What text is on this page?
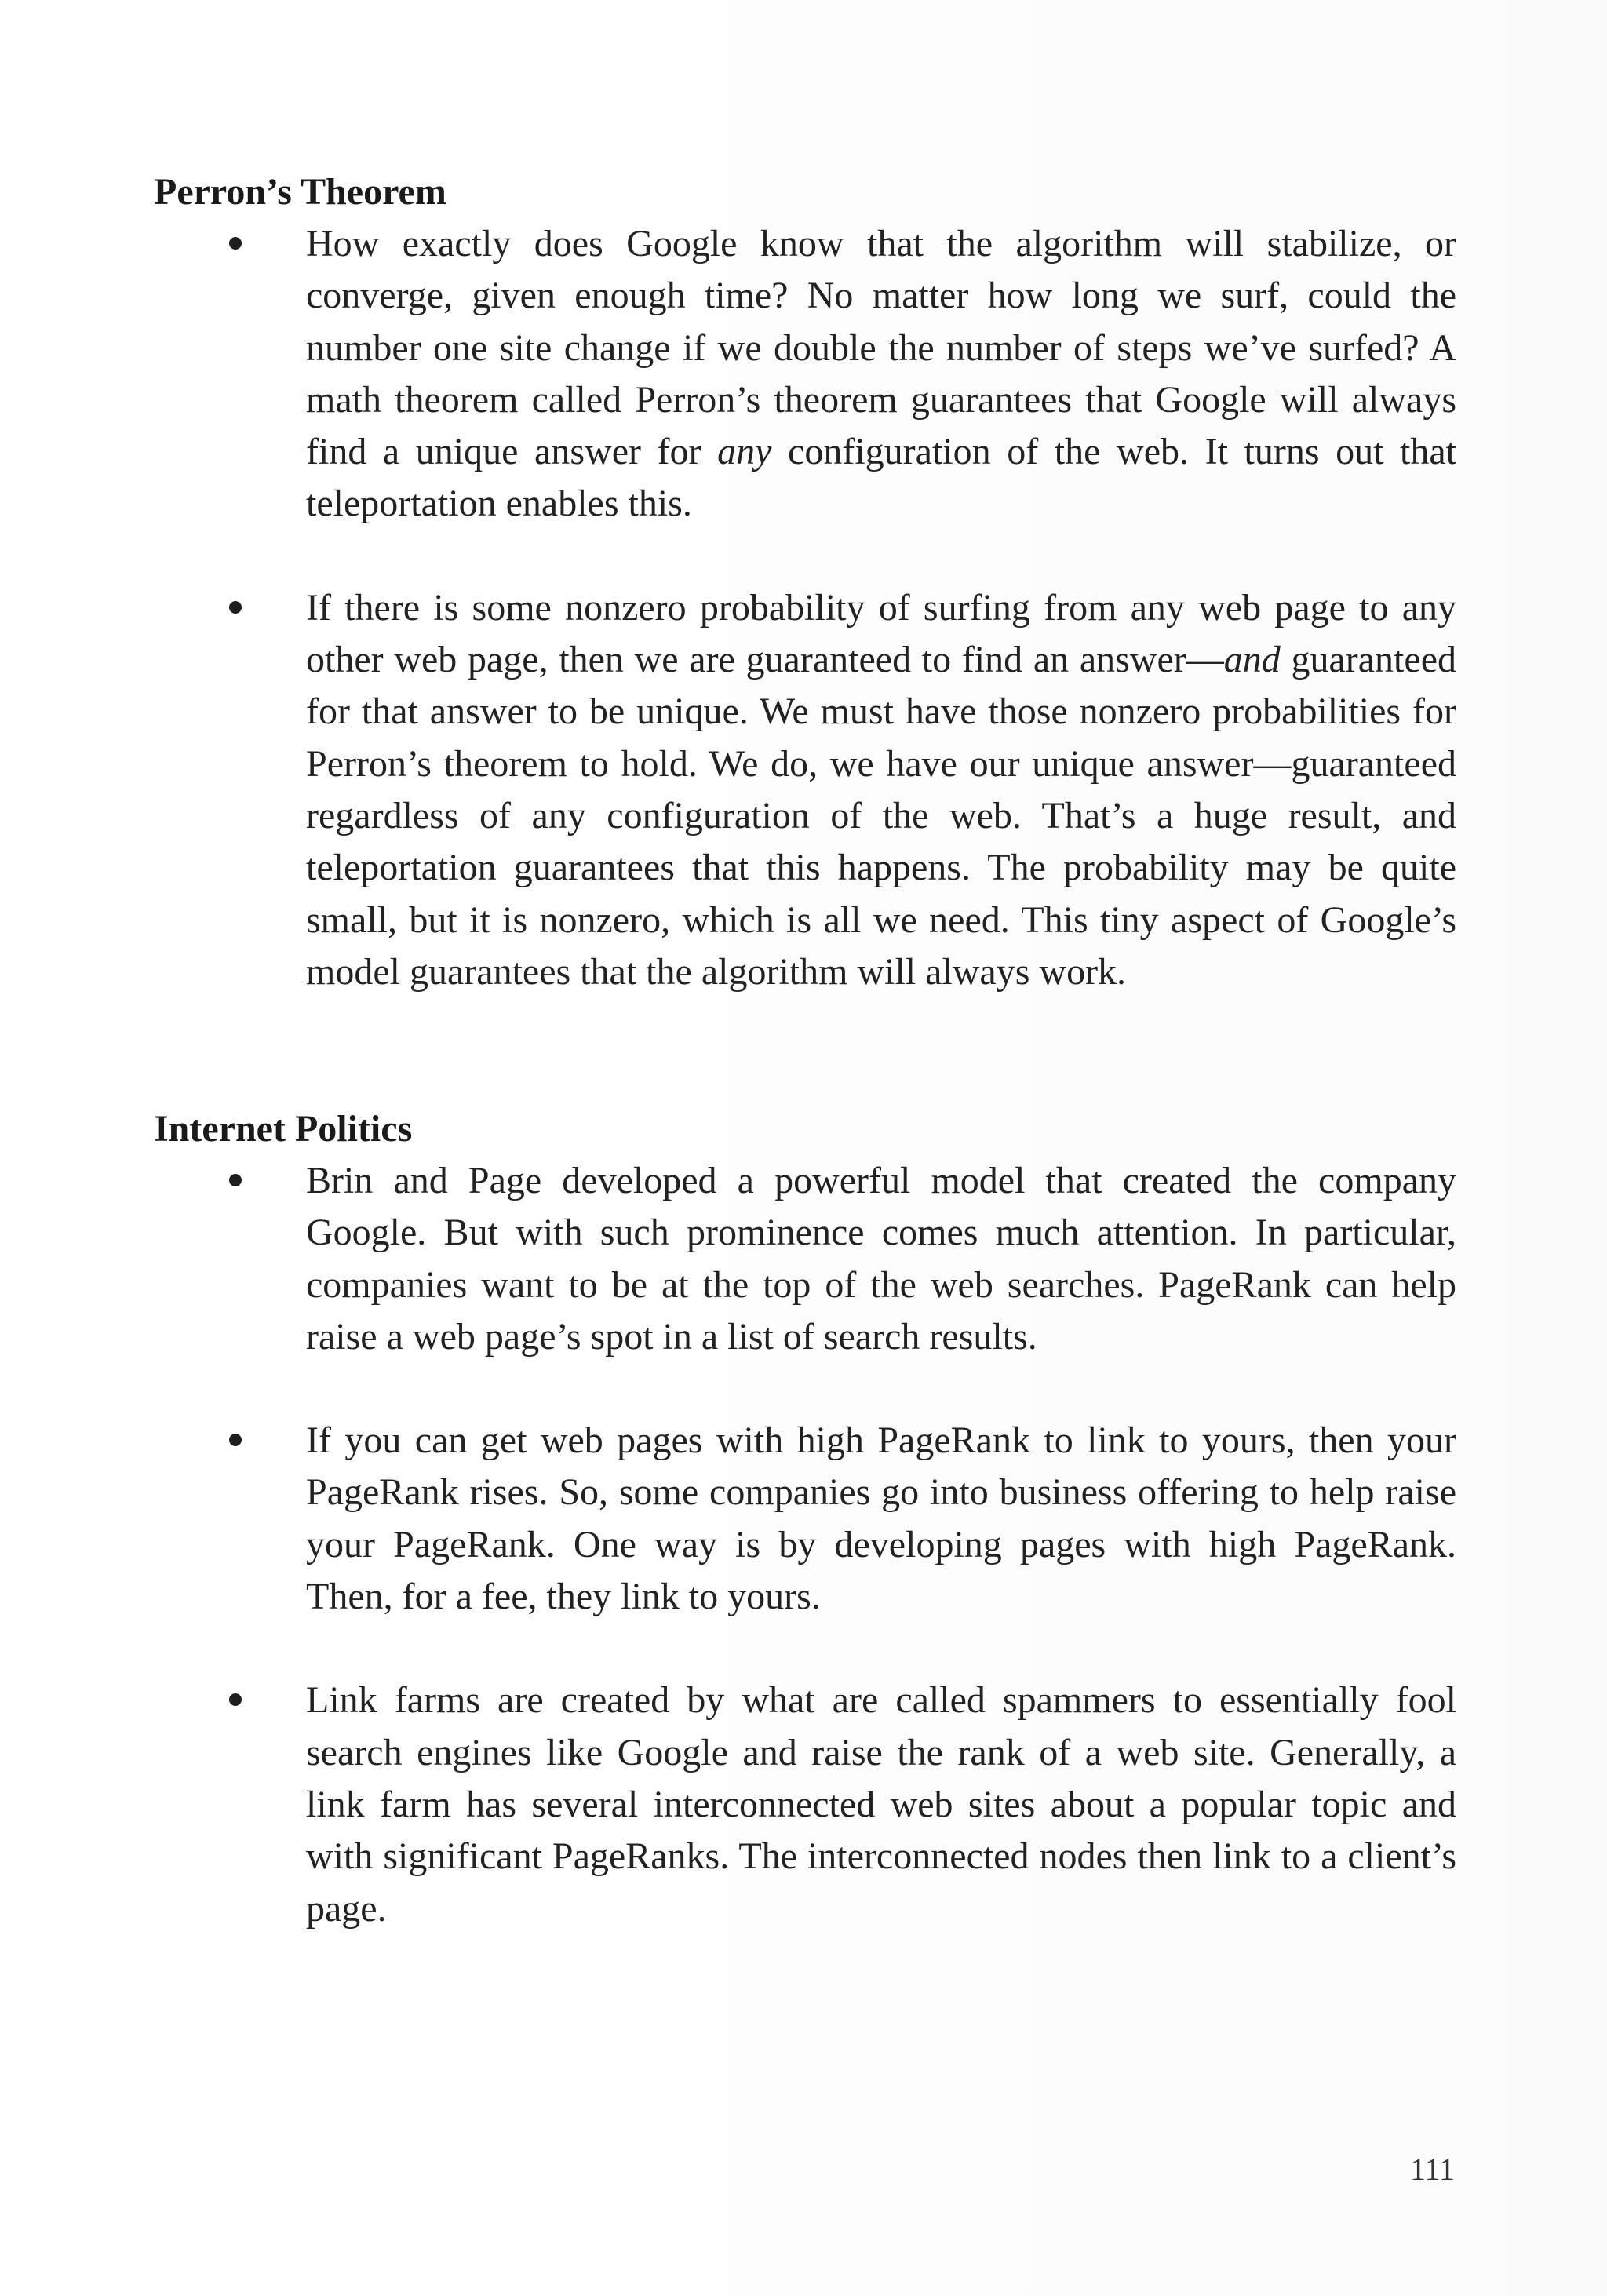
Perron’s Theorem
How exactly does Google know that the algorithm will stabilize, or converge, given enough time? No matter how long we surf, could the number one site change if we double the number of steps we’ve surfed? A math theorem called Perron’s theorem guarantees that Google will always find a unique answer for any configuration of the web. It turns out that teleportation enables this.
If there is some nonzero probability of surfing from any web page to any other web page, then we are guaranteed to find an answer—and guaranteed for that answer to be unique. We must have those nonzero probabilities for Perron’s theorem to hold. We do, we have our unique answer—guaranteed regardless of any configuration of the web. That’s a huge result, and teleportation guarantees that this happens. The probability may be quite small, but it is nonzero, which is all we need. This tiny aspect of Google’s model guarantees that the algorithm will always work.
Internet Politics
Brin and Page developed a powerful model that created the company Google. But with such prominence comes much attention. In particular, companies want to be at the top of the web searches. PageRank can help raise a web page’s spot in a list of search results.
If you can get web pages with high PageRank to link to yours, then your PageRank rises. So, some companies go into business offering to help raise your PageRank. One way is by developing pages with high PageRank. Then, for a fee, they link to yours.
Link farms are created by what are called spammers to essentially fool search engines like Google and raise the rank of a web site. Generally, a link farm has several interconnected web sites about a popular topic and with significant PageRanks. The interconnected nodes then link to a client’s page.
111
